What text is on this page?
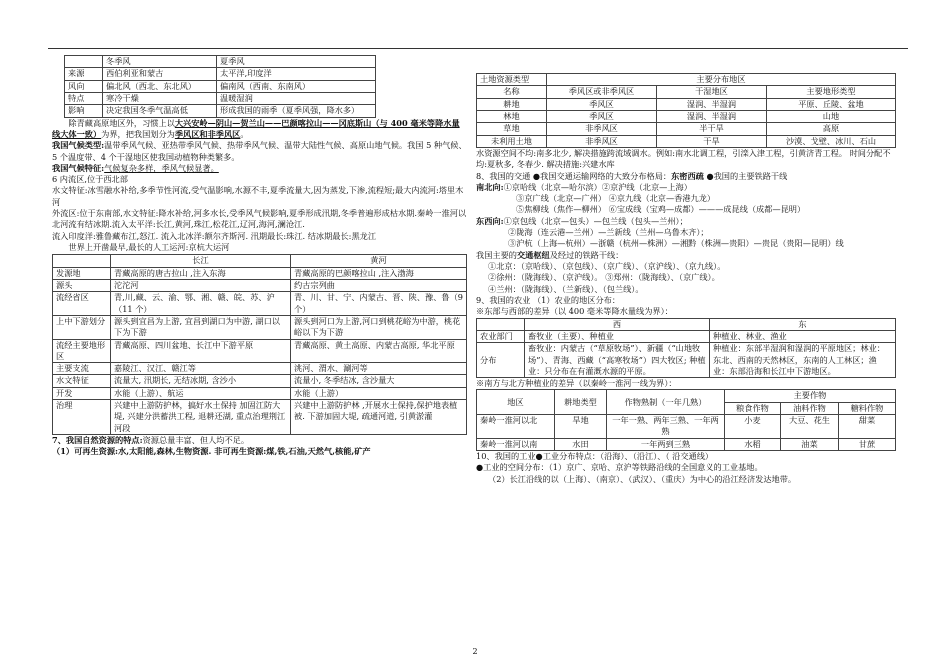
	冬季风	夏季风
来源	西伯利亚和蒙古	太平洋,印度洋
风向	偏北风（西北、东北风）	偏南风（西南、东南风）
特点	寒冷干燥	温暖湿润
影响	决定我国冬季气温高低	形成我国的雨季（夏季风强，降水多）

除青藏高原地区外，习惯上以大兴安岭—阴山—贺兰山——巴颜喀拉山——冈底斯山（与 400 毫米等降水量线大体一致）为界，把我国划分为季风区和非季风区。

我国气候类型:温带季风气候、亚热带季风气候、热带季风气候、温带大陆性气候、高原山地气候。我国 5 种气候、5 个温度带、4 个干湿地区使我国动植物种类繁多。

我国气候特征:气候复杂多样，季风气候显著。

6 内流区,位于西北部

水文特征:冰雪融水补给,多季节性河流,受气温影响,水源不丰,夏季流量大,因为蒸发,下渗,流程短;最大内流河:塔里木河

外流区:位于东南部,水文特征:降水补给,河多水长,受季风气候影响,夏季形成汛期,冬季普遍形成枯水期.秦岭一淮河以北河流有结冰期.流入太平洋:长江,黄河,珠江,松花江,辽河,海河,澜沧江.

流入印度洋:雅鲁藏布江,怒江. 流入北冰洋:额尔齐斯河. 汛期最长:珠江. 结冰期最长:黑龙江

世界上开凿最早,最长的人工运河:京杭大运河

	长江	黄河
发源地	青藏高原的唐古拉山 ,注入东海	青藏高原的巴颜喀拉山 ,注入渤海
源头	沱沱河	约古宗列曲
流经省区	青,川,藏、云、渝、鄂、湘、赣、皖、苏、沪（11 个）	青、川、甘、宁、内蒙古、晋、陕、豫、鲁（9 个）
上中下游划分	源头到宜昌为上游, 宜昌到湖口为中游, 湖口以下为下游	源头到河口为上游,河口到桃花峪为中游，桃花峪以下为下游
流经主要地形区	青藏高原、四川盆地、长江中下游平原	青藏高原、黄土高原、内蒙古高原, 华北平原
主要支流	嘉陵江、汉江、赣江等	洮河、渭水、涮河等
水文特征	流量大, 汛期长, 无结冰期, 含沙小	流量小, 冬季结冰, 含沙量大
开发	水能（上游）、航运	水能（上游）
治理	兴建中上游防护林，搞好水土保持 加固江防大堤, 兴建分洪蓄洪工程, 退耕还湖, 重点治理荆江河段	兴建中上游防护林 ,开展水土保持,保护地表植被. 下游加固大堤, 疏通河道, 引黄淤灌

7、我国自然资源的特点:资源总量丰富、但人均不足。

（1）可再生资源:水,太阳能,森林,生物资源. 非可再生资源:煤,铁,石油,天然气,核能,矿产

土地资源类型	主要分布地区		
名称	季风区或非季风区	干湿地区	主要地形类型
耕地	季风区	湿润、半湿润	平原、丘陵、盆地
林地	季风区	湿润、半湿润	山地
草地	非季风区	半干旱	高原
未利用土地	非季风区	干旱	沙漠、戈壁、冰川、石山

水资源空间不均:南多北少, 解决措施跨流域调水。例如:南水北调工程，引滦入津工程，引黄济青工程。 时间分配不均:夏秋多, 冬春少. 解决措施:兴建水库

8、我国的交通 ●我国交通运输网络的大致分布格局：东密西疏 ●我国的主要铁路干线

南北向:①京哈线（北京—哈尔滨）②京沪线（北京—上海）

③京广线（北京—广州） ④京九线（北京—香港九龙）

⑤焦柳线（焦作—柳州） ⑥宝成线（宝鸡—成都）———成昆线（成都—昆明）

东西向:①京包线（北京—包头）—包兰线（包头—兰州）；

②陇海（连云港—兰州）—兰新线（兰州—乌鲁木齐）；

③沪杭（上海—杭州）—浙赣（杭州—株洲）—湘黔（株洲—贵阳）—贵昆（贵阳—昆明）线

我国主要的交通枢纽及经过的铁路干线：

①北京：（京哈线）、（京包线）、（京广线）、（京沪线）、（京九线）。

②徐州：（陇海线）、（京沪线）。 ③郑州：（陇海线）、（京广线）。

④兰州：（陇海线）、（兰新线）、（包兰线）。

9、我国的农业 （1）农业的地区分布：

※东部与西部的差异（以 400 毫米等降水量线为界）：

	西	东
农业部门	畜牧业（主要）、种植业	种植业、林业、渔业
分布	畜牧业：内蒙古（“草原牧场”）、新疆（“山地牧场”）、青海、西藏（“高寒牧场”）四大牧区; 种植业：只分布在有灌溉水源的平原。	种植业：东部半湿润和湿润的平原地区；林业：东北、西南的天然林区，东南的人工林区；渔业：东部沿海和长江中下游地区。

※南方与北方种植业的差异（以秦岭一淮河一线为界）：

地区	耕地类型	作物熟制（一年几熟）	主要作物		
			粮食作物	油料作物	糖料作物
秦岭一淮河以北	旱地	一年一熟、两年三熟、一年两熟	小麦	大豆、花生	甜菜
秦岭一淮河以南	水田	一年两到三熟	水稻	油菜	甘蔗

10、我国的工业●工业分布特点：（沿海）、（沿江）、（ 沿交通线）

●工业的空间分布：（1）京广、京哈、京沪等铁路沿线的全国意义的工业基地。

（2）长江沿线的以（上海）、（南京）、（武汉）、（重庆）为中心的沿江经济发达地带。

2
